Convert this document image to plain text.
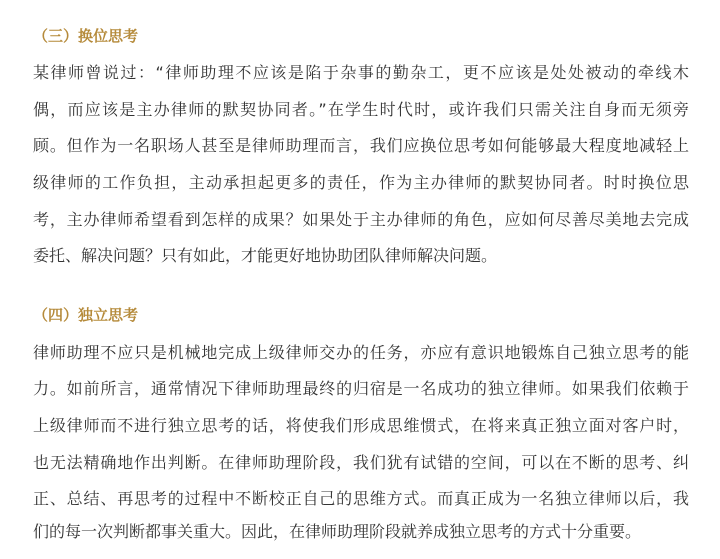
（三）换位思考
某律师曾说过：“律师助理不应该是陷于杂事的勤杂工，更不应该是处处被动的牵线木
偶，而应该是主办律师的默契协同者。”在学生时代时，或许我们只需关注自身而无须旁
顾。但作为一名职场人甚至是律师助理而言，我们应换位思考如何能够最大程度地减轻上
级律师的工作负担，主动承担起更多的责任，作为主办律师的默契协同者。时时换位思
考，主办律师希望看到怎样的成果？如果处于主办律师的角色，应如何尽善尽美地去完成
委托、解决问题？只有如此，才能更好地协助团队律师解决问题。
（四）独立思考
律师助理不应只是机械地完成上级律师交办的任务，亦应有意识地锻炼自己独立思考的能
力。如前所言，通常情况下律师助理最终的归宿是一名成功的独立律师。如果我们依赖于
上级律师而不进行独立思考的话，将使我们形成思维惯式，在将来真正独立面对客户时，
也无法精确地作出判断。在律师助理阶段，我们犹有试错的空间，可以在不断的思考、纠
正、总结、再思考的过程中不断校正自己的思维方式。而真正成为一名独立律师以后，我
们的每一次判断都事关重大。因此，在律师助理阶段就养成独立思考的方式十分重要。
